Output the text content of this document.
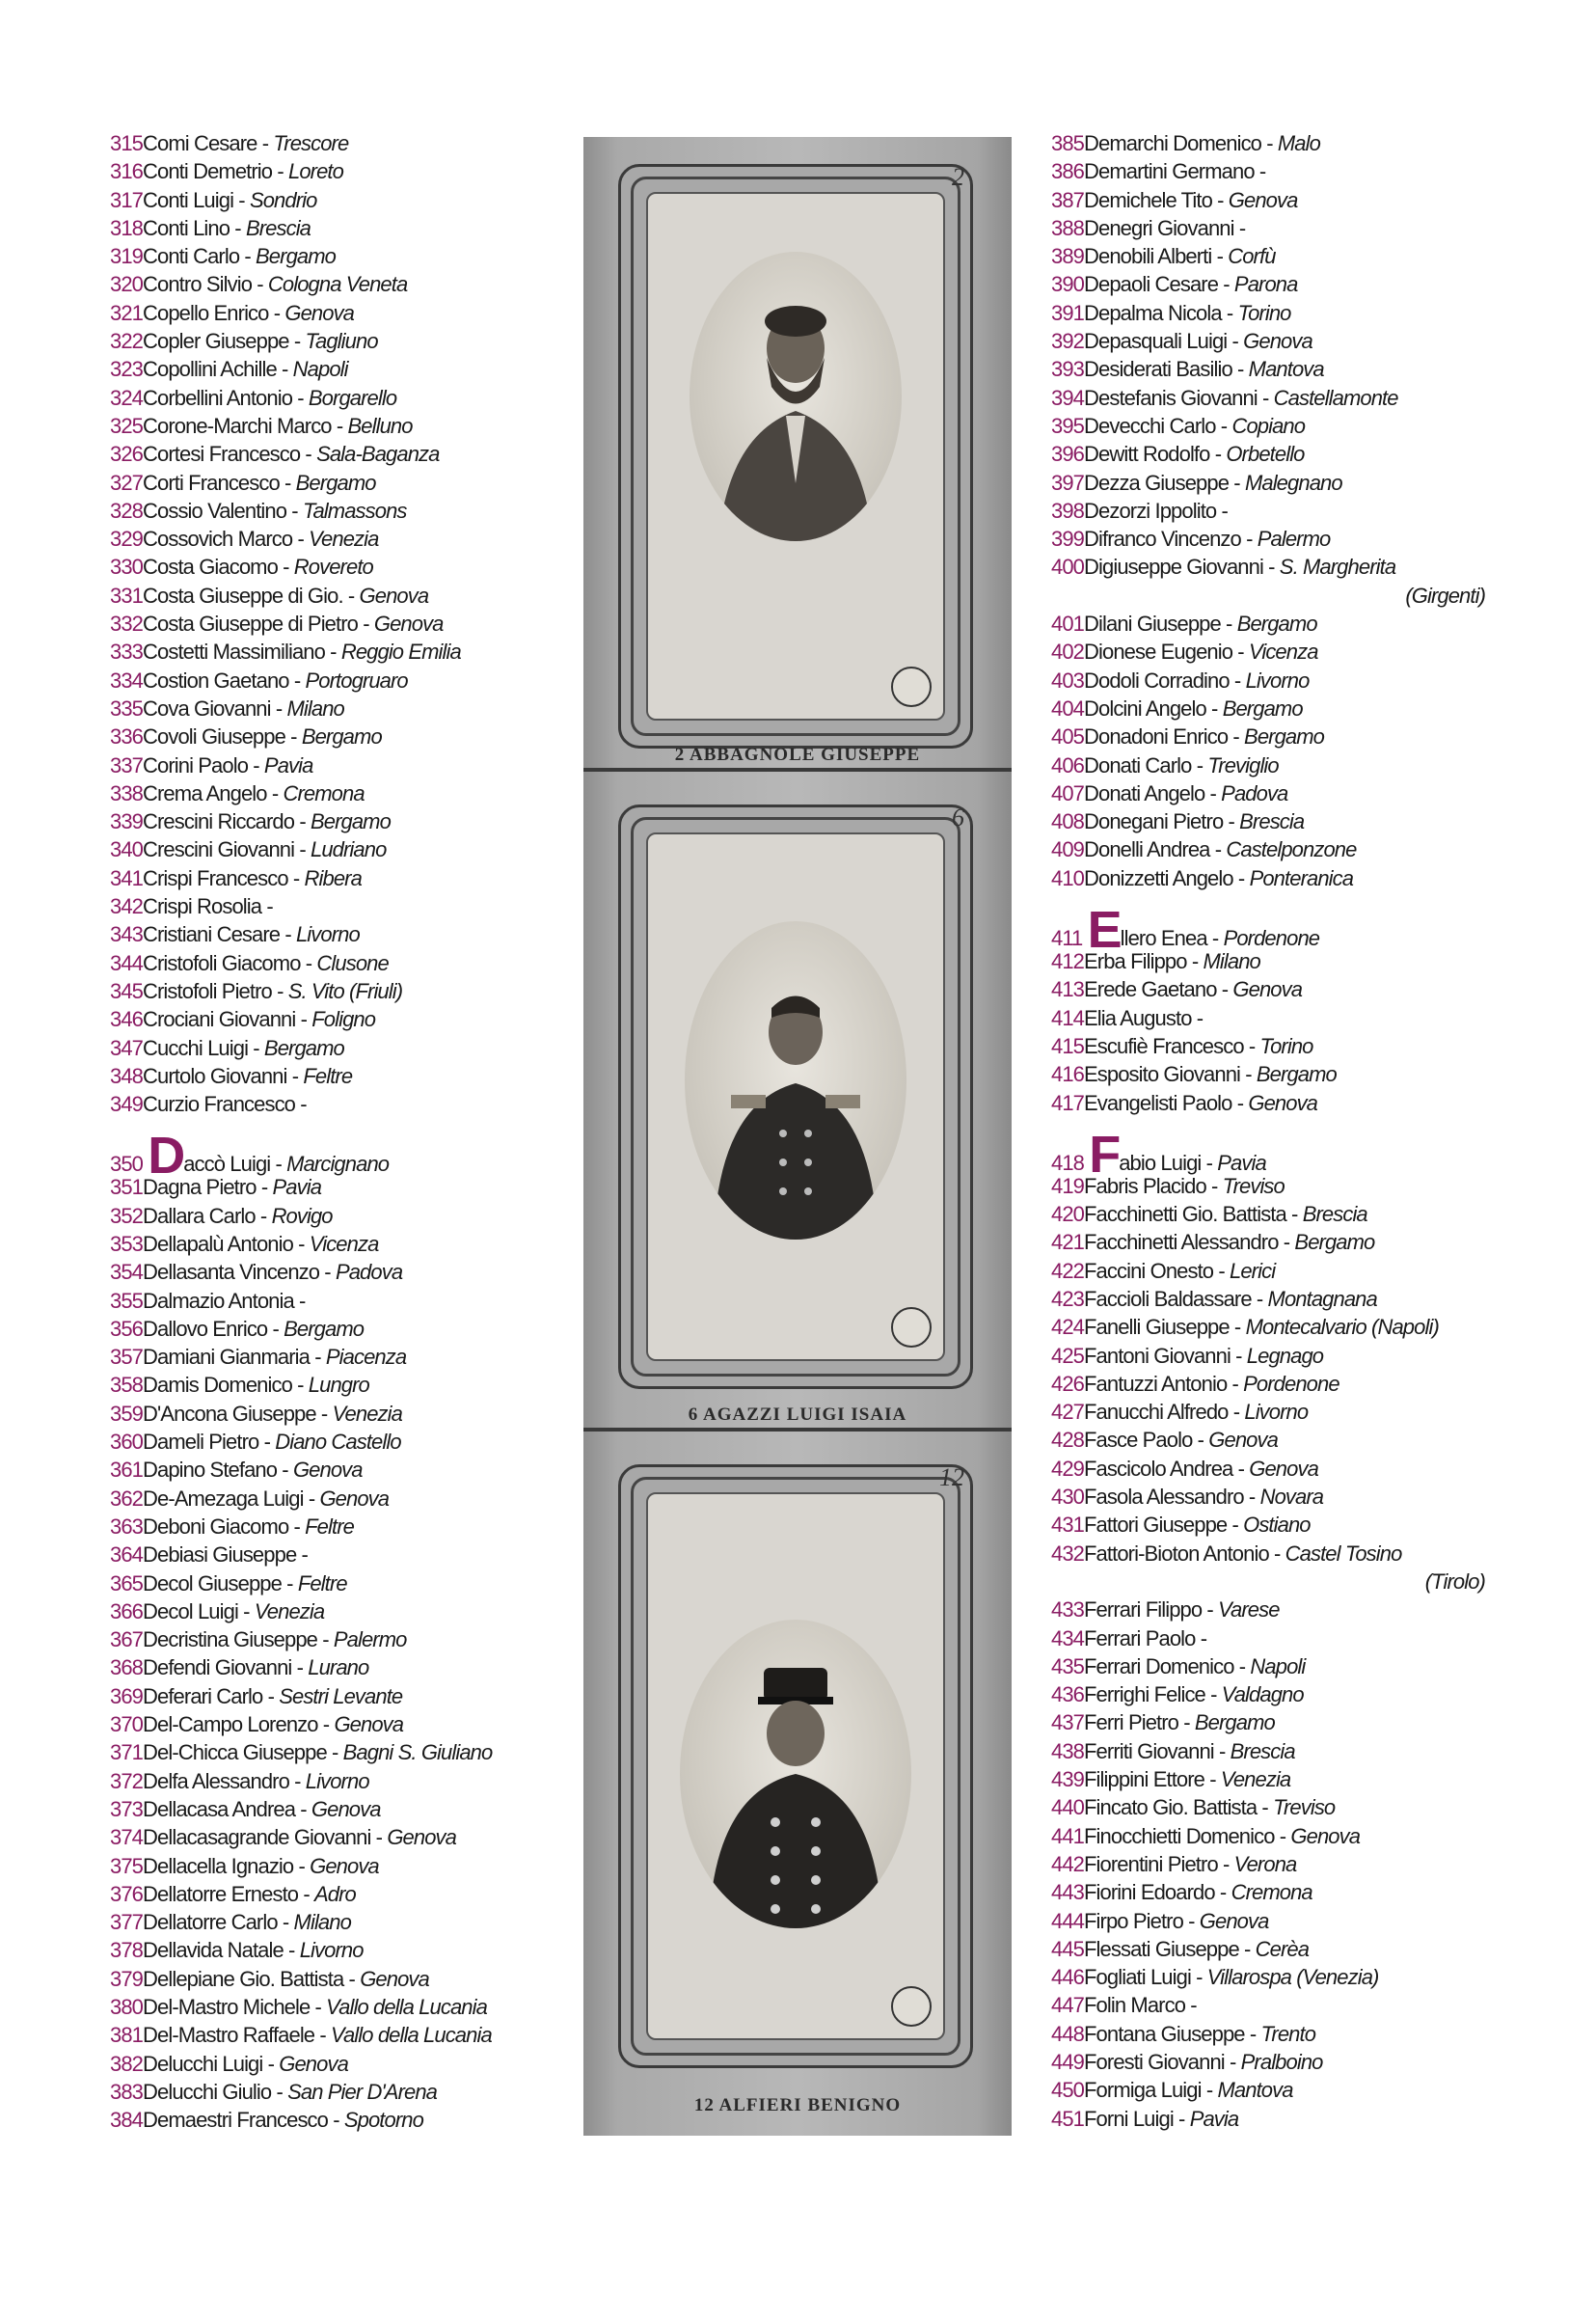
315Comi Cesare - Trescore
316Conti Demetrio - Loreto
317Conti Luigi - Sondrio
318Conti Lino - Brescia
319Conti Carlo - Bergamo
320Contro Silvio - Cologna Veneta
321Copello Enrico - Genova
322Copler Giuseppe - Tagliuno
323Copollini Achille - Napoli
324Corbellini Antonio - Borgarello
325Corone-Marchi Marco - Belluno
326Cortesi Francesco - Sala-Baganza
327Corti Francesco - Bergamo
328Cossio Valentino - Talmassons
329Cossovich Marco - Venezia
330Costa Giacomo - Rovereto
331Costa Giuseppe di Gio. - Genova
332Costa Giuseppe di Pietro - Genova
333Costetti Massimiliano - Reggio Emilia
334Costion Gaetano - Portogruaro
335Cova Giovanni - Milano
336Covoli Giuseppe - Bergamo
337Corini Paolo - Pavia
338Crema Angelo - Cremona
339Crescini Riccardo - Bergamo
340Crescini Giovanni - Ludriano
341Crispi Francesco - Ribera
342Crispi Rosolia -
343Cristiani Cesare - Livorno
344Cristofoli Giacomo - Clusone
345Cristofoli Pietro - S. Vito (Friuli)
346Crociani Giovanni - Foligno
347Cucchi Luigi - Bergamo
348Curtolo Giovanni - Feltre
349Curzio Francesco -
350 Daccò Luigi - Marcignano
351Dagna Pietro - Pavia
352Dallara Carlo - Rovigo
353Dellapalù Antonio - Vicenza
354Dellasanta Vincenzo - Padova
355Dalmazio Antonia -
356Dallovo Enrico - Bergamo
357Damiani Gianmaria - Piacenza
358Damis Domenico - Lungro
359D'Ancona Giuseppe - Venezia
360Dameli Pietro - Diano Castello
361Dapino Stefano - Genova
362De-Amezaga Luigi - Genova
363Deboni Giacomo - Feltre
364Debiasi Giuseppe -
365Decol Giuseppe - Feltre
366Decol Luigi - Venezia
367Decristina Giuseppe - Palermo
368Defendi Giovanni - Lurano
369Deferari Carlo - Sestri Levante
370Del-Campo Lorenzo - Genova
371Del-Chicca Giuseppe - Bagni S. Giuliano
372Delfa Alessandro - Livorno
373Dellacasa Andrea - Genova
374Dellacasagrande Giovanni - Genova
375Dellacella Ignazio - Genova
376Dellatorre Ernesto - Adro
377Dellatorre Carlo - Milano
378Dellavida Natale - Livorno
379Dellepiane Gio. Battista - Genova
380Del-Mastro Michele - Vallo della Lucania
381Del-Mastro Raffaele - Vallo della Lucania
382Delucchi Luigi - Genova
383Delucchi Giulio - San Pier D'Arena
384Demaestri Francesco - Spotorno
2
2 ABBAGNOLE GIUSEPPE
6
6 AGAZZI LUIGI ISAIA
12
12 ALFIERI BENIGNO
385Demarchi Domenico - Malo
386Demartini Germano -
387Demichele Tito - Genova
388Denegri Giovanni -
389Denobili Alberti - Corfù
390Depaoli Cesare - Parona
391Depalma Nicola - Torino
392Depasquali Luigi - Genova
393Desiderati Basilio - Mantova
394Destefanis Giovanni - Castellamonte
395Devecchi Carlo - Copiano
396Dewitt Rodolfo - Orbetello
397Dezza Giuseppe - Malegnano
398Dezorzi Ippolito -
399Difranco Vincenzo - Palermo
400Digiuseppe Giovanni - S. Margherita
(Girgenti)
401Dilani Giuseppe - Bergamo
402Dionese Eugenio - Vicenza
403Dodoli Corradino - Livorno
404Dolcini Angelo - Bergamo
405Donadoni Enrico - Bergamo
406Donati Carlo - Treviglio
407Donati Angelo - Padova
408Donegani Pietro - Brescia
409Donelli Andrea - Castelponzone
410Donizzetti Angelo - Ponteranica
411 Ellero Enea - Pordenone
412Erba Filippo - Milano
413Erede Gaetano - Genova
414Elia Augusto -
415Escufiè Francesco - Torino
416Esposito Giovanni - Bergamo
417Evangelisti Paolo - Genova
418 Fabio Luigi - Pavia
419Fabris Placido - Treviso
420Facchinetti Gio. Battista - Brescia
421Facchinetti Alessandro - Bergamo
422Faccini Onesto - Lerici
423Faccioli Baldassare - Montagnana
424Fanelli Giuseppe - Montecalvario (Napoli)
425Fantoni Giovanni - Legnago
426Fantuzzi Antonio - Pordenone
427Fanucchi Alfredo - Livorno
428Fasce Paolo - Genova
429Fascicolo Andrea - Genova
430Fasola Alessandro - Novara
431Fattori Giuseppe - Ostiano
432Fattori-Bioton Antonio - Castel Tosino
(Tirolo)
433Ferrari Filippo - Varese
434Ferrari Paolo -
435Ferrari Domenico - Napoli
436Ferrighi Felice - Valdagno
437Ferri Pietro - Bergamo
438Ferriti Giovanni - Brescia
439Filippini Ettore - Venezia
440Fincato Gio. Battista - Treviso
441Finocchietti Domenico - Genova
442Fiorentini Pietro - Verona
443Fiorini Edoardo - Cremona
444Firpo Pietro - Genova
445Flessati Giuseppe - Cerèa
446Fogliati Luigi - Villarospa (Venezia)
447Folin Marco -
448Fontana Giuseppe - Trento
449Foresti Giovanni - Pralboino
450Formiga Luigi - Mantova
451Forni Luigi - Pavia
